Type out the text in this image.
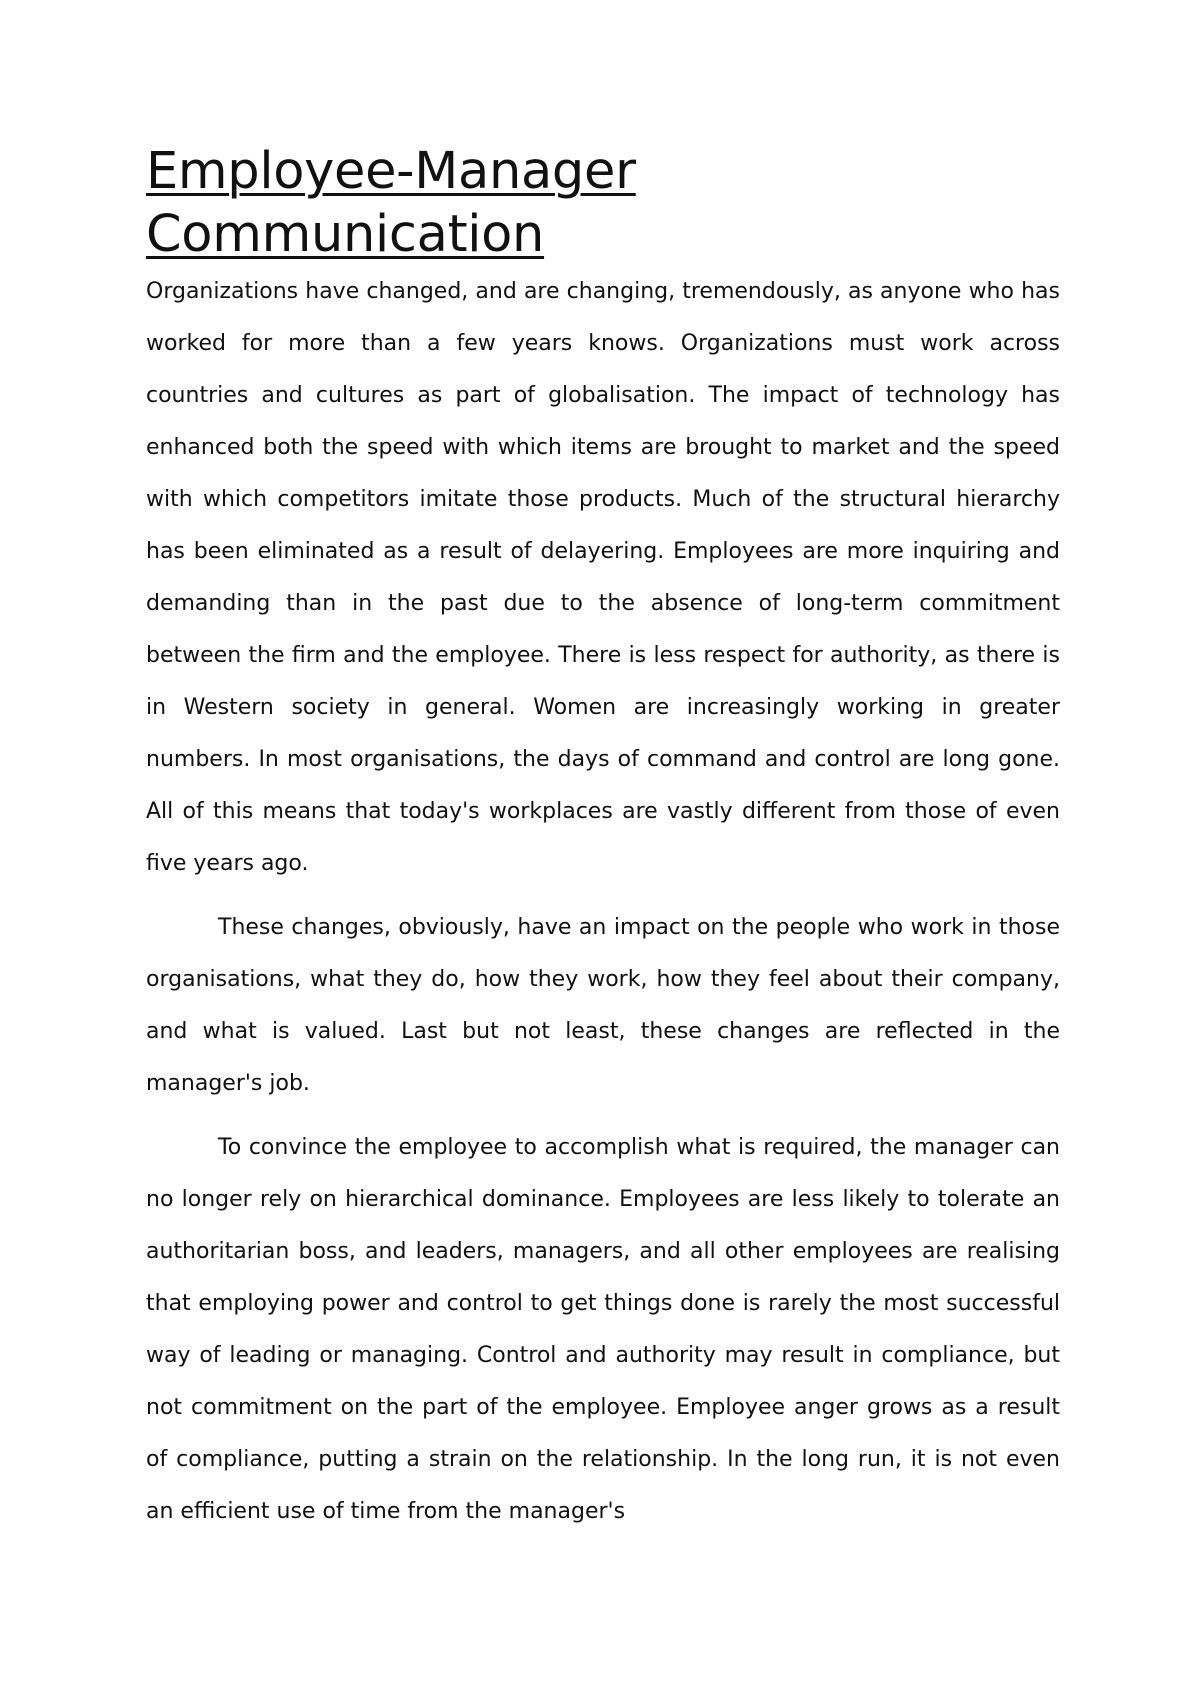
Employee-Manager
Communication

Organizations have changed, and are changing, tremendously, as anyone who has worked for more than a few years knows. Organizations must work across countries and cultures as part of globalisation. The impact of technology has enhanced both the speed with which items are brought to market and the speed with which competitors imitate those products. Much of the structural hierarchy has been eliminated as a result of delayering. Employees are more inquiring and demanding than in the past due to the absence of long-term commitment between the firm and the employee. There is less respect for authority, as there is in Western society in general. Women are increasingly working in greater numbers. In most organisations, the days of command and control are long gone. All of this means that today's workplaces are vastly different from those of even five years ago.

These changes, obviously, have an impact on the people who work in those organisations, what they do, how they work, how they feel about their company, and what is valued. Last but not least, these changes are reflected in the manager's job.

To convince the employee to accomplish what is required, the manager can no longer rely on hierarchical dominance. Employees are less likely to tolerate an authoritarian boss, and leaders, managers, and all other employees are realising that employing power and control to get things done is rarely the most successful way of leading or managing. Control and authority may result in compliance, but not commitment on the part of the employee. Employee anger grows as a result of compliance, putting a strain on the relationship. In the long run, it is not even an efficient use of time from the manager's
